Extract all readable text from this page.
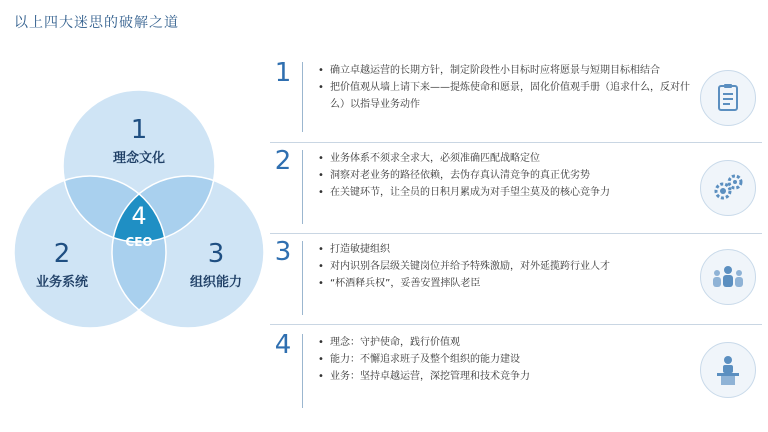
以上四大迷思的破解之道
1
理念文化
2
业务系统
3
组织能力
4
CEO
1	• 确立卓越运营的长期方针，制定阶段性小目标时应将愿景与短期目标相结合
• 把价值观从墙上请下来——提炼使命和愿景，固化价值观手册（追求什么，反对什么）以指导业务动作
2	• 业务体系不须求全求大，必须准确匹配战略定位
• 洞察对老业务的路径依赖，去伪存真认清竞争的真正优劣势
• 在关键环节，让全员的日积月累成为对手望尘莫及的核心竞争力
3	• 打造敏捷组织
• 对内识别各层级关键岗位并给予特殊激励，对外延揽跨行业人才
• “杯酒释兵权”，妥善安置摔队老臣
4	• 理念：守护使命，践行价值观
• 能力：不懈追求班子及整个组织的能力建设
• 业务：坚持卓越运营，深挖管理和技术竞争力
